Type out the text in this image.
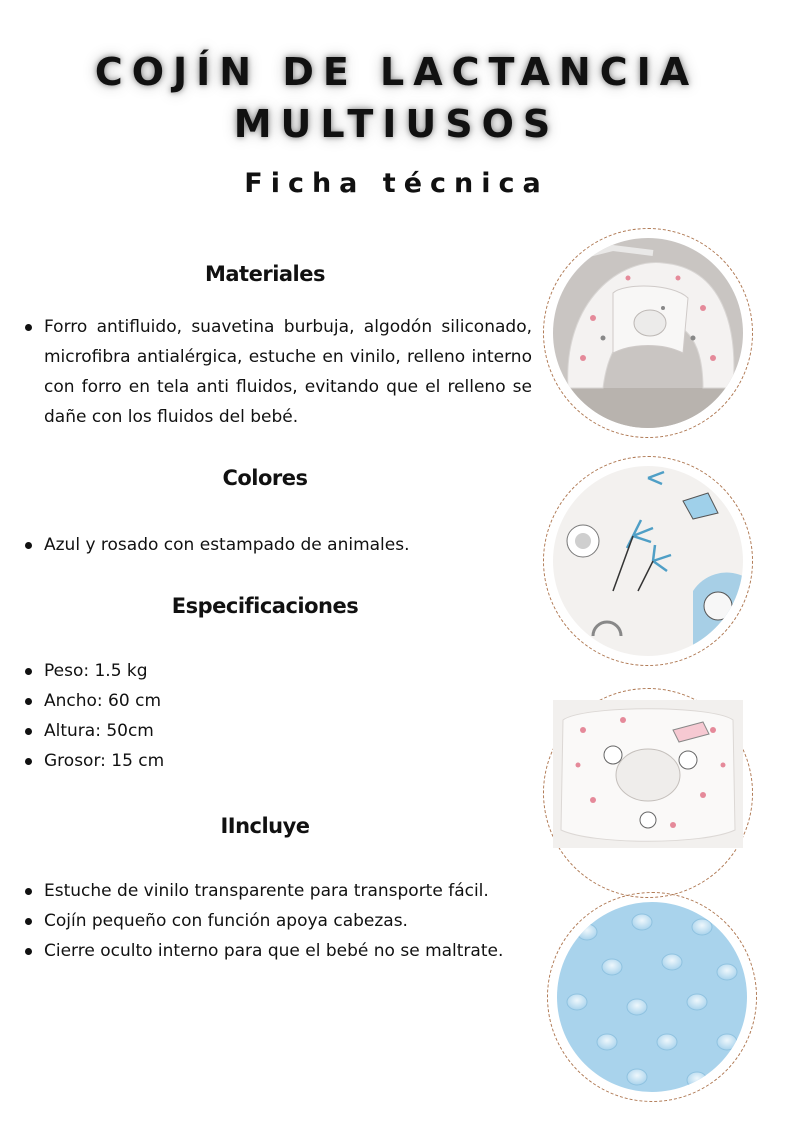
COJÍN DE LACTANCIA
MULTIUSOS
Ficha técnica
Materiales
Forro antifluido, suavetina burbuja, algodón siliconado, microfibra antialérgica, estuche en vinilo, relleno interno con forro en tela anti fluidos, evitando que el relleno se dañe con los fluidos del bebé.
Colores
Azul y rosado con estampado de animales.
Especificaciones
Peso: 1.5 kg
Ancho: 60 cm
Altura: 50cm
Grosor: 15 cm
IIncluye
Estuche de vinilo transparente para transporte fácil.
Cojín pequeño con función apoya cabezas.
Cierre oculto interno para que el bebé no se maltrate.
